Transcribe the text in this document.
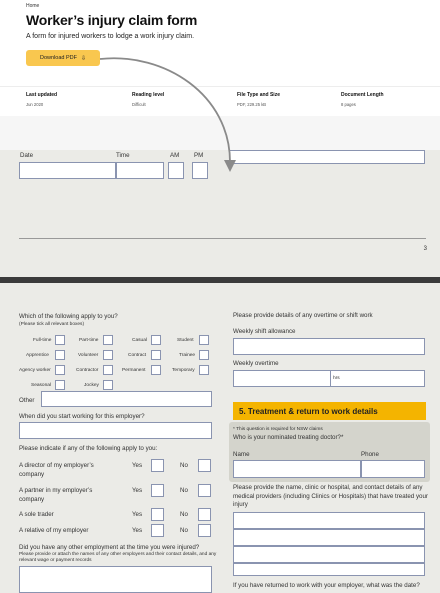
Home
Worker’s injury claim form

A form for injured workers to lodge a work injury claim.

Download PDF ⇩
Last updated
Jun 2020
Reading level
Difficult
File Type and Size
PDF, 229.25 kB
Document Length
8 pages
Date	Time	AM PM
3
Which of the following apply to you?
(Please tick all relevant boxes)
Full-time	Part-time	Casual	Student
Apprentice	Volunteer	Contract	Trainee
Agency worker	Contractor	Permanent	Temporary
Seasonal	Jockey
Other
When did you start working for this employer?
Please indicate if any of the following apply to you:
A director of my employer’s company
Yes	No
A partner in my employer’s company
Yes	No
A sole trader	Yes	No
A relative of my employer	Yes	No
Did you have any other employment at the time you were injured?
Please provide or attach the names of any other employers and their contact details, and any relevant wage or payment records
Please provide details of any overtime or shift work
Weekly shift allowance
Weekly overtime
hrs
5. Treatment & return to work details
* This question is required for NSW claims
Who is your nominated treating doctor?*
Name	Phone
Please provide the name, clinic or hospital, and contact details of any medical providers (including Clinics or Hospitals) that have treated your injury
If you have returned to work with your employer, what was the date?
